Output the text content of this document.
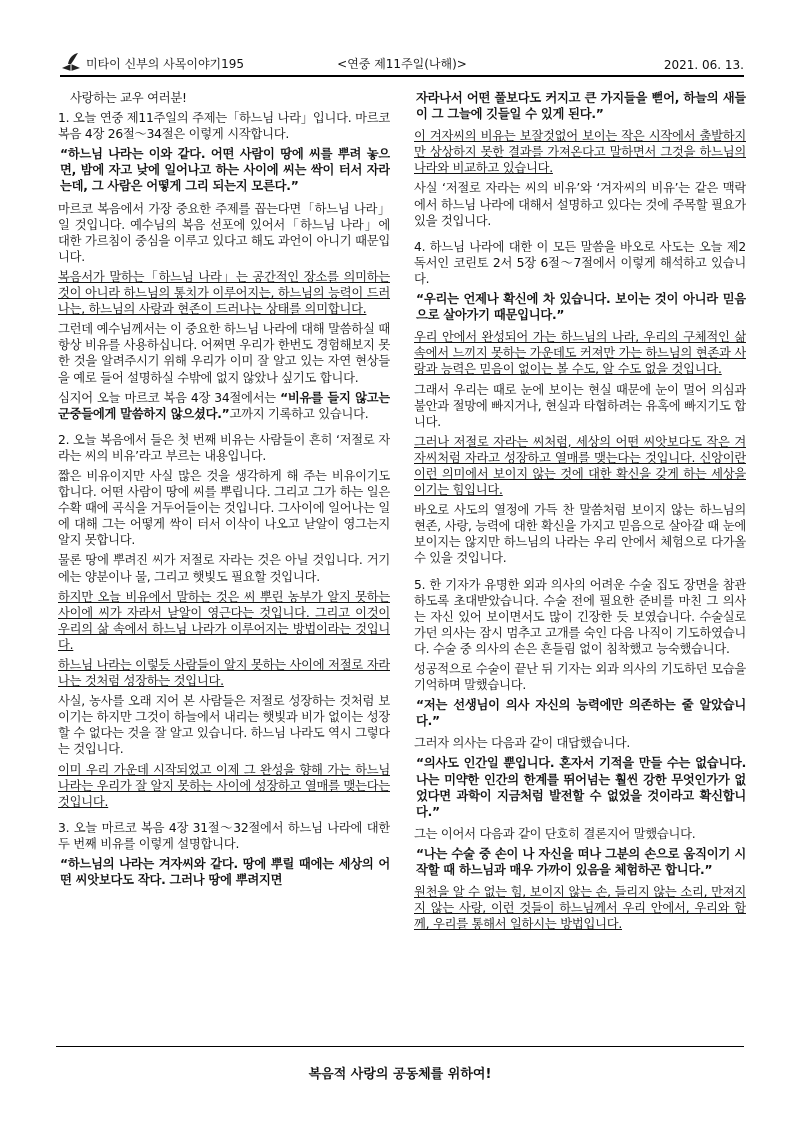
미타이 신부의 사목이야기195	<연중 제11주일(나해)>	2021. 06. 13.

사랑하는 교우 여러분!

1. 오늘 연중 제11주일의 주제는「하느님 나라」입니다. 마르코 복음 4장 26절～34절은 이렇게 시작합니다.

“하느님 나라는 이와 같다. 어떤 사람이 땅에 씨를 뿌려 놓으면, 밤에 자고 낮에 일어나고 하는 사이에 씨는 싹이 터서 자라는데, 그 사람은 어떻게 그리 되는지 모른다.”

마르코 복음에서 가장 중요한 주제를 꼽는다면「하느님 나라」일 것입니다. 예수님의 복음 선포에 있어서「하느님 나라」에 대한 가르침이 중심을 이루고 있다고 해도 과언이 아니기 때문입니다.

복음서가 말하는「하느님 나라」는 공간적인 장소를 의미하는 것이 아니라 하느님의 통치가 이루어지는, 하느님의 능력이 드러나는, 하느님의 사랑과 현존이 드러나는 상태를 의미합니다.

그런데 예수님께서는 이 중요한 하느님 나라에 대해 말씀하실 때 항상 비유를 사용하십니다. 어쩌면 우리가 한번도 경험해보지 못한 것을 알려주시기 위해 우리가 이미 잘 알고 있는 자연 현상들을 예로 들어 설명하실 수밖에 없지 않았나 싶기도 합니다.

심지어 오늘 마르코 복음 4장 34절에서는 “비유를 들지 않고는 군중들에게 말씀하지 않으셨다.”고까지 기록하고 있습니다.

2. 오늘 복음에서 들은 첫 번째 비유는 사람들이 흔히 ‘저절로 자라는 씨의 비유’라고 부르는 내용입니다.

짧은 비유이지만 사실 많은 것을 생각하게 해 주는 비유이기도 합니다. 어떤 사람이 땅에 씨를 뿌립니다. 그리고 그가 하는 일은 수확 때에 곡식을 거두어들이는 것입니다. 그사이에 일어나는 일에 대해 그는 어떻게 싹이 터서 이삭이 나오고 낟알이 영그는지 알지 못합니다.

물론 땅에 뿌려진 씨가 저절로 자라는 것은 아닐 것입니다. 거기에는 양분이나 물, 그리고 햇빛도 필요할 것입니다.

하지만 오늘 비유에서 말하는 것은 씨 뿌린 농부가 알지 못하는 사이에 씨가 자라서 낟알이 영근다는 것입니다. 그리고 이것이 우리의 삶 속에서 하느님 나라가 이루어지는 방법이라는 것입니다.

하느님 나라는 이렇듯 사람들이 알지 못하는 사이에 저절로 자라나는 것처럼 성장하는 것입니다.

사실, 농사를 오래 지어 본 사람들은 저절로 성장하는 것처럼 보이기는 하지만 그것이 하늘에서 내리는 햇빛과 비가 없이는 성장할 수 없다는 것을 잘 알고 있습니다. 하느님 나라도 역시 그렇다는 것입니다.

이미 우리 가운데 시작되었고 이제 그 완성을 향해 가는 하느님 나라는 우리가 잘 알지 못하는 사이에 성장하고 열매를 맺는다는 것입니다.

3. 오늘 마르코 복음 4장 31절～32절에서 하느님 나라에 대한 두 번째 비유를 이렇게 설명합니다.

“하느님의 나라는 겨자씨와 같다. 땅에 뿌릴 때에는 세상의 어떤 씨앗보다도 작다. 그러나 땅에 뿌려지면

자라나서 어떤 풀보다도 커지고 큰 가지들을 뻗어, 하늘의 새들이 그 그늘에 깃들일 수 있게 된다.”

이 겨자씨의 비유는 보잘것없어 보이는 작은 시작에서 출발하지만 상상하지 못한 결과를 가져온다고 말하면서 그것을 하느님의 나라와 비교하고 있습니다.

사실 ‘저절로 자라는 씨의 비유’와 ‘겨자씨의 비유’는 같은 맥락에서 하느님 나라에 대해서 설명하고 있다는 것에 주목할 필요가 있을 것입니다.

4. 하느님 나라에 대한 이 모든 말씀을 바오로 사도는 오늘 제2독서인 코린토 2서 5장 6절～7절에서 이렇게 해석하고 있습니다.

“우리는 언제나 확신에 차 있습니다. 보이는 것이 아니라 믿음으로 살아가기 때문입니다.”

우리 안에서 완성되어 가는 하느님의 나라, 우리의 구체적인 삶 속에서 느끼지 못하는 가운데도 커져만 가는 하느님의 현존과 사랑과 능력은 믿음이 없이는 볼 수도, 알 수도 없을 것입니다.

그래서 우리는 때로 눈에 보이는 현실 때문에 눈이 멀어 의심과 불안과 절망에 빠지거나, 현실과 타협하려는 유혹에 빠지기도 합니다.

그러나 저절로 자라는 씨처럼, 세상의 어떤 씨앗보다도 작은 겨자씨처럼 자라고 성장하고 열매를 맺는다는 것입니다. 신앙이란 이런 의미에서 보이지 않는 것에 대한 확신을 갖게 하는 세상을 이기는 힘입니다.

바오로 사도의 열정에 가득 찬 말씀처럼 보이지 않는 하느님의 현존, 사랑, 능력에 대한 확신을 가지고 믿음으로 살아갈 때 눈에 보이지는 않지만 하느님의 나라는 우리 안에서 체험으로 다가올 수 있을 것입니다.

5. 한 기자가 유명한 외과 의사의 어려운 수술 집도 장면을 참관하도록 초대받았습니다. 수술 전에 필요한 준비를 마친 그 의사는 자신 있어 보이면서도 많이 긴장한 듯 보였습니다. 수술실로 가던 의사는 잠시 멈추고 고개를 숙인 다음 나직이 기도하였습니다. 수술 중 의사의 손은 흔들림 없이 침착했고 능숙했습니다.

성공적으로 수술이 끝난 뒤 기자는 외과 의사의 기도하던 모습을 기억하며 말했습니다.

“저는 선생님이 의사 자신의 능력에만 의존하는 줄 알았습니다.”

그러자 의사는 다음과 같이 대답했습니다.

“의사도 인간일 뿐입니다. 혼자서 기적을 만들 수는 없습니다. 나는 미약한 인간의 한계를 뛰어넘는 훨씬 강한 무엇인가가 없었다면 과학이 지금처럼 발전할 수 없었을 것이라고 확신합니다.”

그는 이어서 다음과 같이 단호히 결론지어 말했습니다.

“나는 수술 중 손이 나 자신을 떠나 그분의 손으로 움직이기 시작할 때 하느님과 매우 가까이 있음을 체험하곤 합니다.”

원천을 알 수 없는 힘, 보이지 않는 손, 들리지 않는 소리, 만져지지 않는 사랑, 이런 것들이 하느님께서 우리 안에서, 우리와 함께, 우리를 통해서 일하시는 방법입니다.

복음적 사랑의 공동체를 위하여!
